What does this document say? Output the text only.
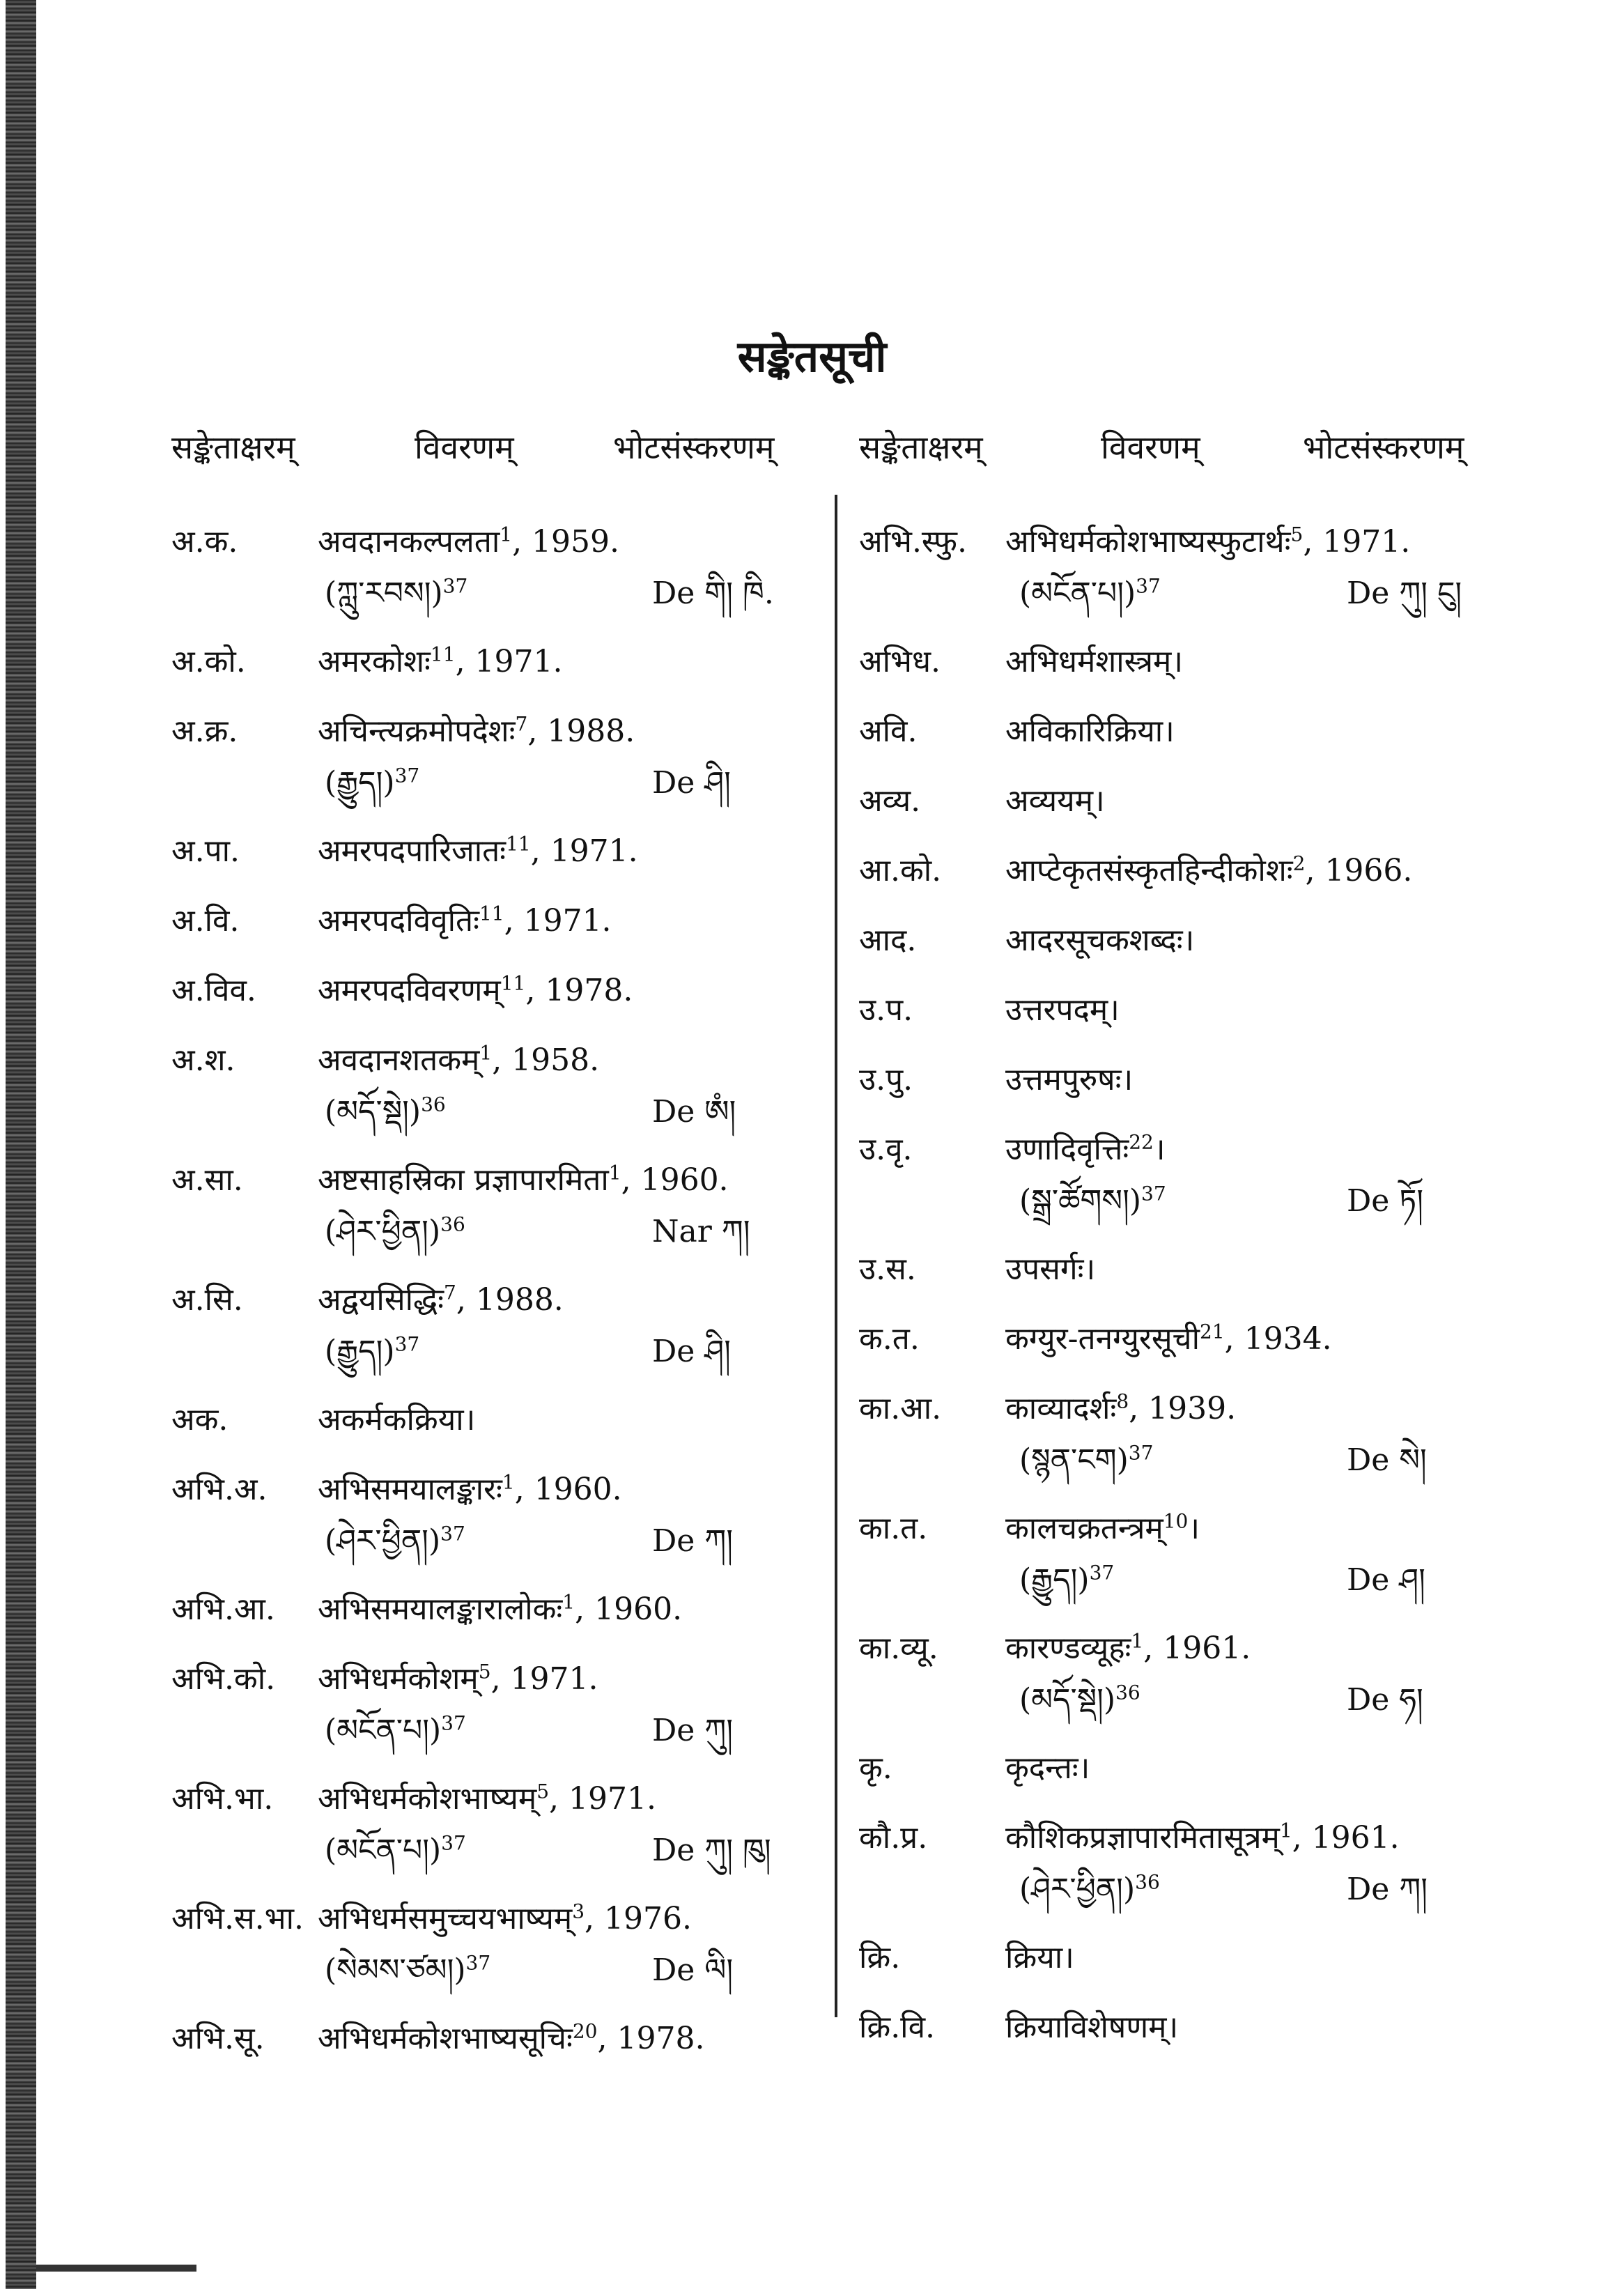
सङ्केतसूची
सङ्केताक्षरम्	विवरणम्	भोटसंस्करणम्	सङ्केताक्षरम्	विवरणम्	भोटसंस्करणम्
अ.क.	अवदानकल्पलता$^1$, 1959.
(ཀླུ་རབས།)$^{37}$	De གི། ཁི.
अ.को. अमरकोशः$^{11}$, 1971.
अ.क्र.	अचिन्त्यक्रमोपदेशः$^7$, 1988.
(རྒྱུད།)$^{37}$	De ཤི།
अ.पा.	अमरपदपारिजातः$^{11}$, 1971.
अ.वि.	अमरपदविवृतिः$^{11}$, 1971.
अ.विव. अमरपदविवरणम्$^{11}$, 1978.
अ.श.	अवदानशतकम्$^1$, 1958.
(མདོ་སྡེ།)$^{36}$	De ཨཾ།
अ.सा. अष्टसाहस्रिका प्रज्ञापारमिता$^1$, 1960.
(ཤེར་ཕྱིན།)$^{36}$	Nar ཀ།
अ.सि. अद्वयसिद्धिः$^7$, 1988.
(རྒྱུད།)$^{37}$	De ཤི།
अक.	अकर्मकक्रिया।
अभि.अ. अभिसमयालङ्कारः$^1$, 1960.
(ཤེར་ཕྱིན།)$^{37}$	De ཀ།
अभि.आ. अभिसमयालङ्कारालोकः$^1$, 1960.
अभि.को. अभिधर्मकोशम्$^5$, 1971.
(མངོན་པ།)$^{37}$	De ཀུ།
अभि.भा. अभिधर्मकोशभाष्यम्$^5$, 1971.
(མངོན་པ།)$^{37}$	De ཀུ། ཁུ།
अभि.स.भा. अभिधर्मसमुच्चयभाष्यम्$^3$, 1976.
(སེམས་ཙམ།)$^{37}$	De ལི།
अभि.सू. अभिधर्मकोशभाष्यसूचिः$^{20}$, 1978.
अभि.स्फु. अभिधर्मकोशभाष्यस्फुटार्थः$^5$, 1971.
(མངོན་པ།)$^{37}$	De ཀུ། ངུ།
अभिध. अभिधर्मशास्त्रम्।
अवि.	अविकारिक्रिया।
अव्य.	अव्ययम्।
आ.को. आप्टेकृतसंस्कृतहिन्दीकोशः$^2$, 1966.
आद.	आदरसूचकशब्दः।
उ.प.	उत्तरपदम्।
उ.पु.	उत्तमपुरुषः।
उ.वृ.	उणादिवृत्तिः$^{22}$।
(སྒྲ་ཚོགས།)$^{37}$	De ཏོ།
उ.स.	उपसर्गः।
क.त.	कग्युर-तनग्युरसूची$^{21}$, 1934.
का.आ. काव्यादर्शः$^8$, 1939.
(སྙན་ངག)$^{37}$	De སེ།
का.त.	कालचक्रतन्त्रम्$^{10}$।
(རྒྱུད།)$^{37}$	De ཤ།
का.व्यू. कारण्डव्यूहः$^1$, 1961.
(མདོ་སྡེ།)$^{36}$	De ཧ།
कृ.	कृदन्तः।
कौ.प्र.	कौशिकप्रज्ञापारमितासूत्रम्$^1$, 1961.
(ཤེར་ཕྱིན།)$^{36}$	De ཀ།
क्रि.	क्रिया।
क्रि.वि. क्रियाविशेषणम्।
